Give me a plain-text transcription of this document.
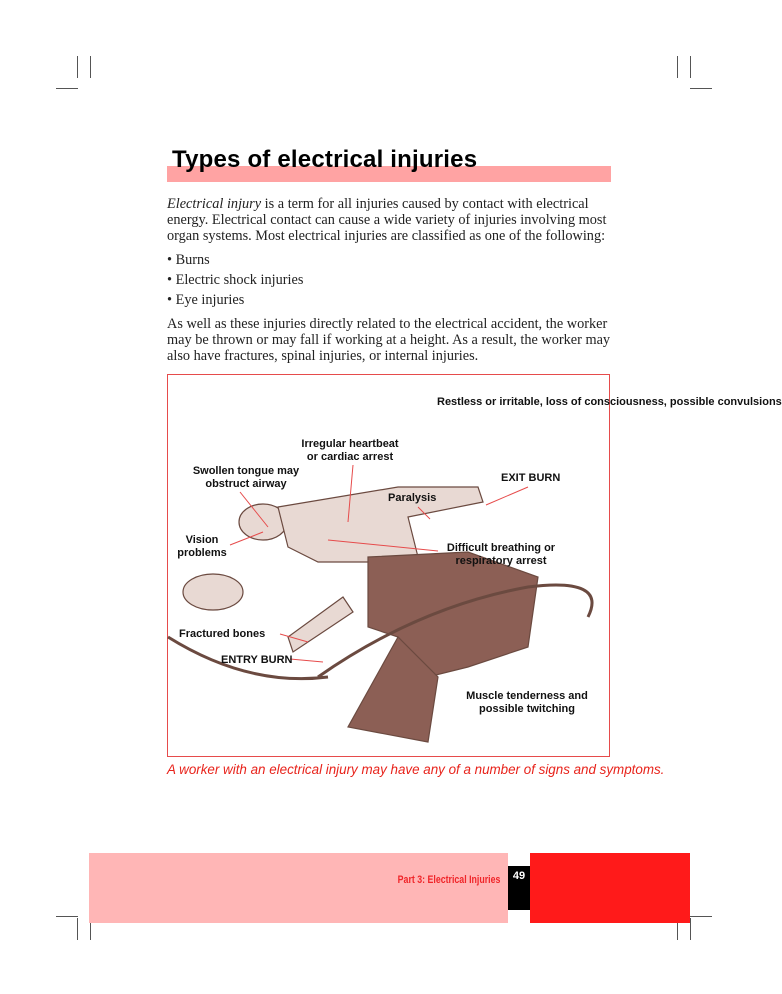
Types of electrical injuries

Electrical injury is a term for all injuries caused by contact with electrical energy. Electrical contact can cause a wide variety of injuries involving most organ systems. Most electrical injuries are classified as one of the following:

• Burns

• Electric shock injuries

• Eye injuries

As well as these injuries directly related to the electrical accident, the worker may be thrown or may fall if working at a height. As a result, the worker may also have fractures, spinal injuries, or internal injuries.

Restless or irritable, loss of consciousness, possible convulsions
Irregular heartbeat or cardiac arrest
Swollen tongue may obstruct airway	EXIT BURN
Paralysis
Vision problems	Difficult breathing or respiratory arrest
Fractured bones
ENTRY BURN
Muscle tenderness and possible twitching
A worker with an electrical injury may have any of a number of signs and symptoms.
Part 3: Electrical Injuries	49
